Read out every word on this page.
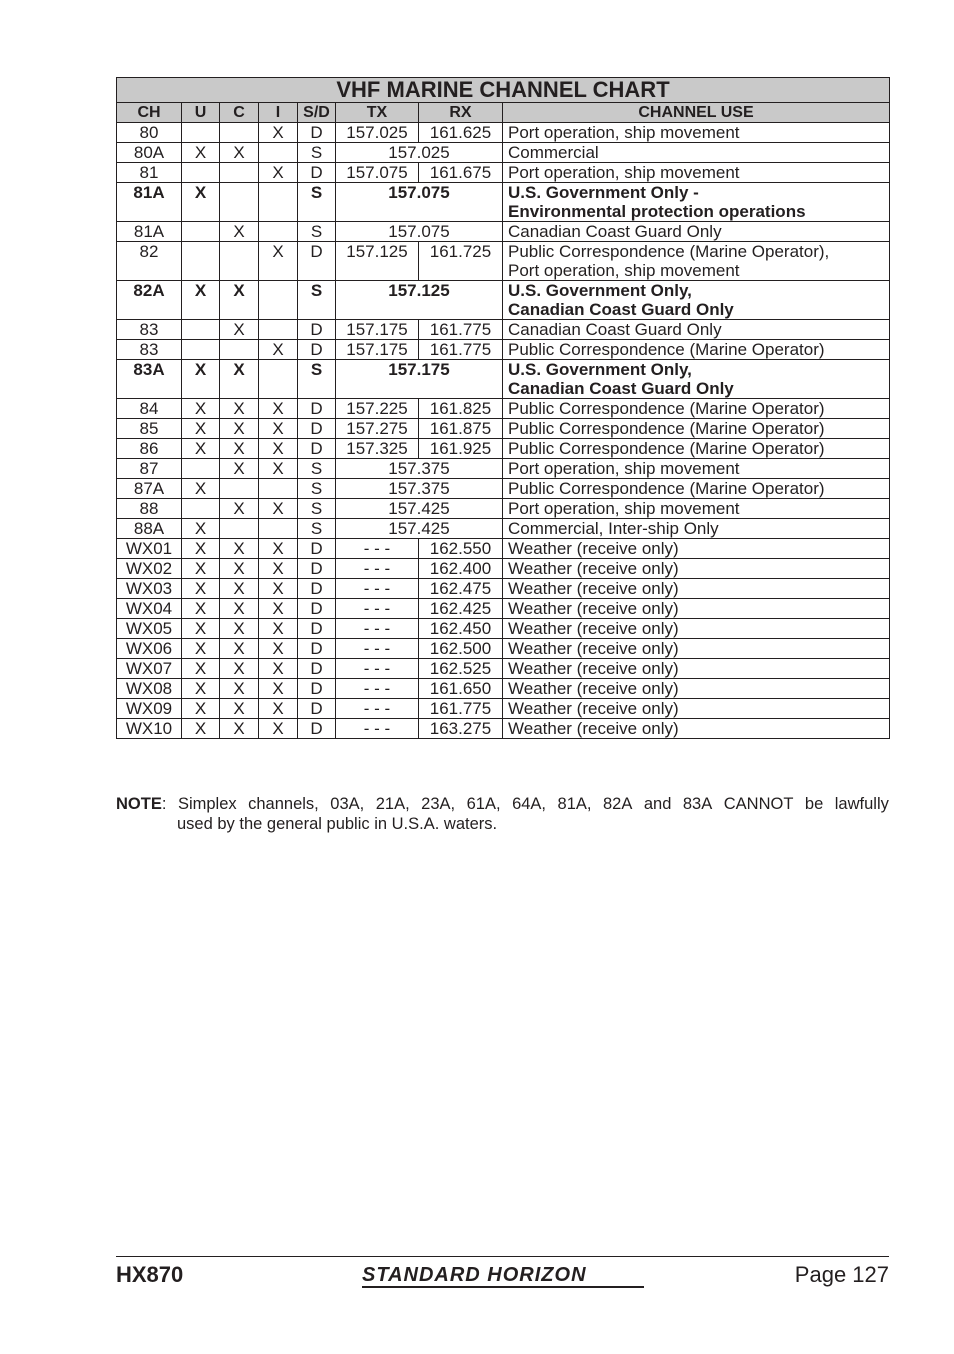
VHF MARINE CHANNEL CHART							
CH	U	C	I	S/D	TX	RX	CHANNEL USE
80			X	D	157.025	161.625	Port operation, ship movement

80A	X	X		S	157.025		Commercial

81			X	D	157.075	161.675	Port operation, ship movement

81A	X			S	157.075		U.S. Government Only -
Environmental protection operations

81A		X		S	157.075		Canadian Coast Guard Only

82			X	D	157.125	161.725	Public Correspondence (Marine Operator),
Port operation, ship movement

82A	X	X		S	157.125		U.S. Government Only,
Canadian Coast Guard Only

83		X		D	157.175	161.775	Canadian Coast Guard Only

83			X	D	157.175	161.775	Public Correspondence (Marine Operator)

83A	X	X		S	157.175		U.S. Government Only,
Canadian Coast Guard Only

84	X	X	X	D	157.225	161.825	Public Correspondence (Marine Operator)

85	X	X	X	D	157.275	161.875	Public Correspondence (Marine Operator)

86	X	X	X	D	157.325	161.925	Public Correspondence (Marine Operator)

87		X	X	S	157.375		Port operation, ship movement

87A	X			S	157.375		Public Correspondence (Marine Operator)

88		X	X	S	157.425		Port operation, ship movement

88A	X			S	157.425		Commercial, Inter-ship Only

WX01	X	X	X	D	- - -	162.550	Weather (receive only)

WX02	X	X	X	D	- - -	162.400	Weather (receive only)

WX03	X	X	X	D	- - -	162.475	Weather (receive only)

WX04	X	X	X	D	- - -	162.425	Weather (receive only)

WX05	X	X	X	D	- - -	162.450	Weather (receive only)

WX06	X	X	X	D	- - -	162.500	Weather (receive only)

WX07	X	X	X	D	- - -	162.525	Weather (receive only)

WX08	X	X	X	D	- - -	161.650	Weather (receive only)

WX09	X	X	X	D	- - -	161.775	Weather (receive only)

WX10	X	X	X	D	- - -	163.275	Weather (receive only)
NOTE : Simplex channels, 03A, 21A, 23A, 61A, 64A, 81A, 82A and 83A CANNOT be lawfully
used by the general public in U.S.A. waters.
HX870	STANDARD HORIZON	Page 127
